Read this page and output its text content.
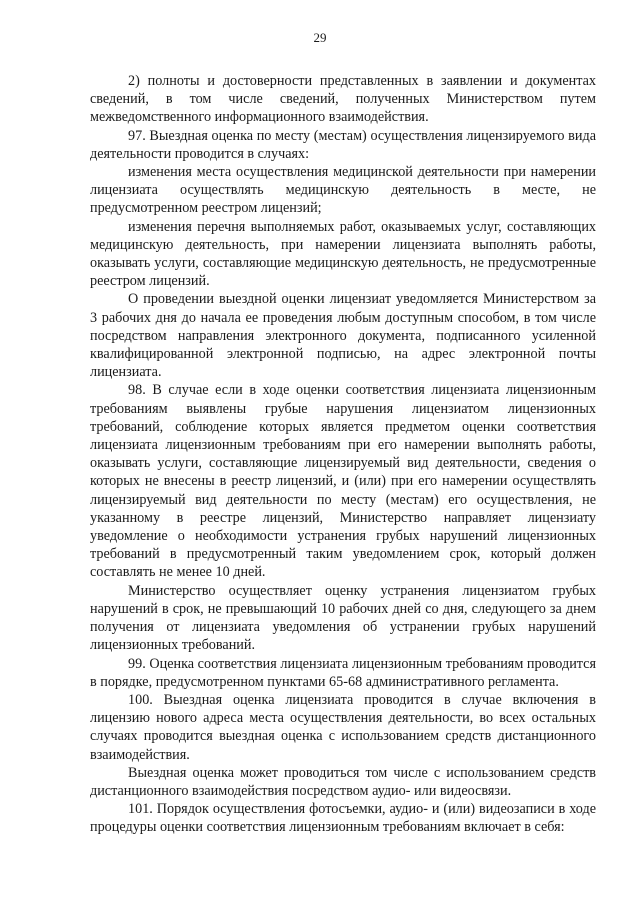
29

2) полноты и достоверности представленных в заявлении и документах сведений, в том числе сведений, полученных Министерством путем межведомственного информационного взаимодействия.

97. Выездная оценка по месту (местам) осуществления лицензируемого вида деятельности проводится в случаях:

изменения места осуществления медицинской деятельности при намерении лицензиата осуществлять медицинскую деятельность в месте, не предусмотренном реестром лицензий;

изменения перечня выполняемых работ, оказываемых услуг, составляющих медицинскую деятельность, при намерении лицензиата выполнять работы, оказывать услуги, составляющие медицинскую деятельность, не предусмотренные реестром лицензий.

О проведении выездной оценки лицензиат уведомляется Министерством за 3 рабочих дня до начала ее проведения любым доступным способом, в том числе посредством направления электронного документа, подписанного усиленной квалифицированной электронной подписью, на адрес электронной почты лицензиата.

98. В случае если в ходе оценки соответствия лицензиата лицензионным требованиям выявлены грубые нарушения лицензиатом лицензионных требований, соблюдение которых является предметом оценки соответствия лицензиата лицензионным требованиям при его намерении выполнять работы, оказывать услуги, составляющие лицензируемый вид деятельности, сведения о которых не внесены в реестр лицензий, и (или) при его намерении осуществлять лицензируемый вид деятельности по месту (местам) его осуществления, не указанному в реестре лицензий, Министерство направляет лицензиату уведомление о необходимости устранения грубых нарушений лицензионных требований в предусмотренный таким уведомлением срок, который должен составлять не менее 10 дней.

Министерство осуществляет оценку устранения лицензиатом грубых нарушений в срок, не превышающий 10 рабочих дней со дня, следующего за днем получения от лицензиата уведомления об устранении грубых нарушений лицензионных требований.

99. Оценка соответствия лицензиата лицензионным требованиям проводится в порядке, предусмотренном пунктами 65-68 административного регламента.

100. Выездная оценка лицензиата проводится в случае включения в лицензию нового адреса места осуществления деятельности, во всех остальных случаях проводится выездная оценка с использованием средств дистанционного взаимодействия.

Выездная оценка может проводиться том числе с использованием средств дистанционного взаимодействия посредством аудио- или видеосвязи.

101. Порядок осуществления фотосъемки, аудио- и (или) видеозаписи в ходе процедуры оценки соответствия лицензионным требованиям включает в себя:
